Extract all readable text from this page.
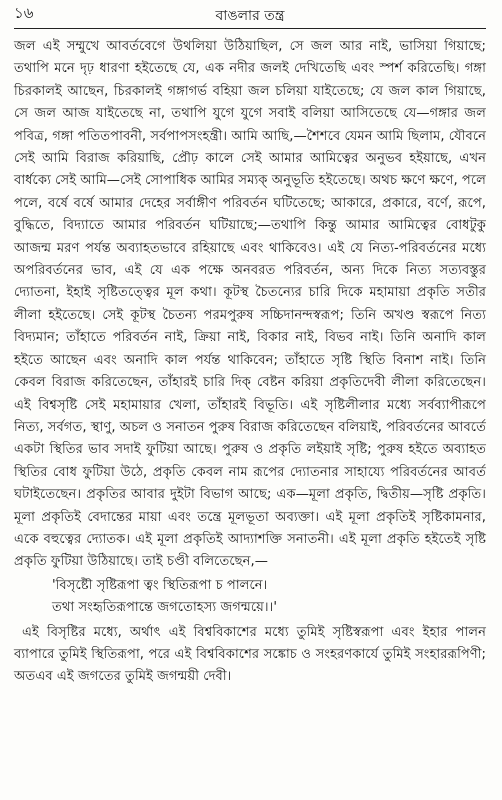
১৬	বাঙলার তন্ত্র

জল এই সম্মুখে আবর্তবেগে উথলিয়া উঠিয়াছিল, সে জল আর নাই, ভাসিয়া গিয়াছে; তথাপি মনে দৃঢ় ধারণা হইতেছে যে, এক নদীর জলই দেখিতেছি এবং স্পর্শ করিতেছি। গঙ্গা চিরকালই আছেন, চিরকালই গঙ্গাগর্ভ বহিয়া জল চলিয়া যাইতেছে; যে জল কাল গিয়াছে, সে জল আজ যাইতেছে না, তথাপি যুগে যুগে সবাই বলিয়া আসিতেছে যে—গঙ্গার জল পবিত্র, গঙ্গা পতিতপাবনী, সর্বপাপসংহন্ত্রী। আমি আছি,—শৈশবে যেমন আমি ছিলাম, যৌবনে সেই আমি বিরাজ করিয়াছি, প্রৌঢ় কালে সেই আমার আমিত্বের অনুভব হইয়াছে, এখন বার্ধক্যে সেই আমি—সেই সোপাধিক আমির সম্যক্ অনুভূতি হইতেছে। অথচ ক্ষণে ক্ষণে, পলে পলে, বর্ষে বর্ষে আমার দেহের সর্বাঙ্গীণ পরিবর্তন ঘটিতেছে; আকারে, প্রকারে, বর্ণে, রূপে, বুদ্ধিতে, বিদ্যাতে আমার পরিবর্তন ঘটিয়াছে;—তথাপি কিন্তু আমার আমিত্বের বোধটুকু আজন্ম মরণ পর্যন্ত অব্যাহতভাবে রহিয়াছে এবং থাকিবেও। এই যে নিত্য-পরিবর্তনের মধ্যে অপরিবর্তনের ভাব, এই যে এক পক্ষে অনবরত পরিবর্তন, অন্য দিকে নিত্য সত্যবস্তুর দ্যোতনা, ইহাই সৃষ্টিতত্ত্বের মূল কথা। কূটস্থ চৈতন্যের চারি দিকে মহামায়া প্রকৃতি সতীর লীলা হইতেছে। সেই কূটস্থ চৈতন্য পরমপুরুষ সচ্চিদানন্দস্বরূপ; তিনি অখণ্ড স্বরূপে নিত্য বিদ্যমান; তাঁহাতে পরিবর্তন নাই, ক্রিয়া নাই, বিকার নাই, বিভব নাই। তিনি অনাদি কাল হইতে আছেন এবং অনাদি কাল পর্যন্ত থাকিবেন; তাঁহাতে সৃষ্টি স্থিতি বিনাশ নাই। তিনি কেবল বিরাজ করিতেছেন, তাঁহারই চারি দিক্ বেষ্টন করিয়া প্রকৃতিদেবী লীলা করিতেছেন। এই বিশ্বসৃষ্টি সেই মহামায়ার খেলা, তাঁহারই বিভূতি। এই সৃষ্টিলীলার মধ্যে সর্বব্যাপীরূপে নিত্য, সর্বগত, স্থাণু, অচল ও সনাতন পুরুষ বিরাজ করিতেছেন বলিয়াই, পরিবর্তনের আবর্তে একটা স্থিতির ভাব সদাই ফুটিয়া আছে। পুরুষ ও প্রকৃতি লইয়াই সৃষ্টি; পুরুষ হইতে অব্যাহত স্থিতির বোধ ফুটিয়া উঠে, প্রকৃতি কেবল নাম রূপের দ্যোতনার সাহায্যে পরিবর্তনের আবর্ত ঘটাইতেছেন। প্রকৃতির আবার দুইটা বিভাগ আছে; এক—মূলা প্রকৃতি, দ্বিতীয়—সৃষ্টি প্রকৃতি। মূলা প্রকৃতিই বেদান্তের মায়া এবং তন্ত্রে মূলভূতা অব্যক্তা। এই মূলা প্রকৃতিই সৃষ্টিকামনার, একে বহুত্বের দ্যোতক। এই মূলা প্রকৃতিই আদ্যাশক্তি সনাতনী। এই মূলা প্রকৃতি হইতেই সৃষ্টি প্রকৃতি ফুটিয়া উঠিয়াছে। তাই চণ্ডী বলিতেছেন,—

'বিসৃষ্টৌ সৃষ্টিরূপা ত্বং স্থিতিরূপা চ পালনে।
তথা সংহৃতিরূপান্তে জগতোহস্য জগন্ময়ে।।'

এই বিসৃষ্টির মধ্যে, অর্থাৎ এই বিশ্ববিকাশের মধ্যে তুমিই সৃষ্টিস্বরূপা এবং ইহার পালন ব্যাপারে তুমিই স্থিতিরূপা, পরে এই বিশ্ববিকাশের সঙ্কোচ ও সংহরণকার্যে তুমিই সংহাররূপিণী; অতএব এই জগতের তুমিই জগন্ময়ী দেবী।
